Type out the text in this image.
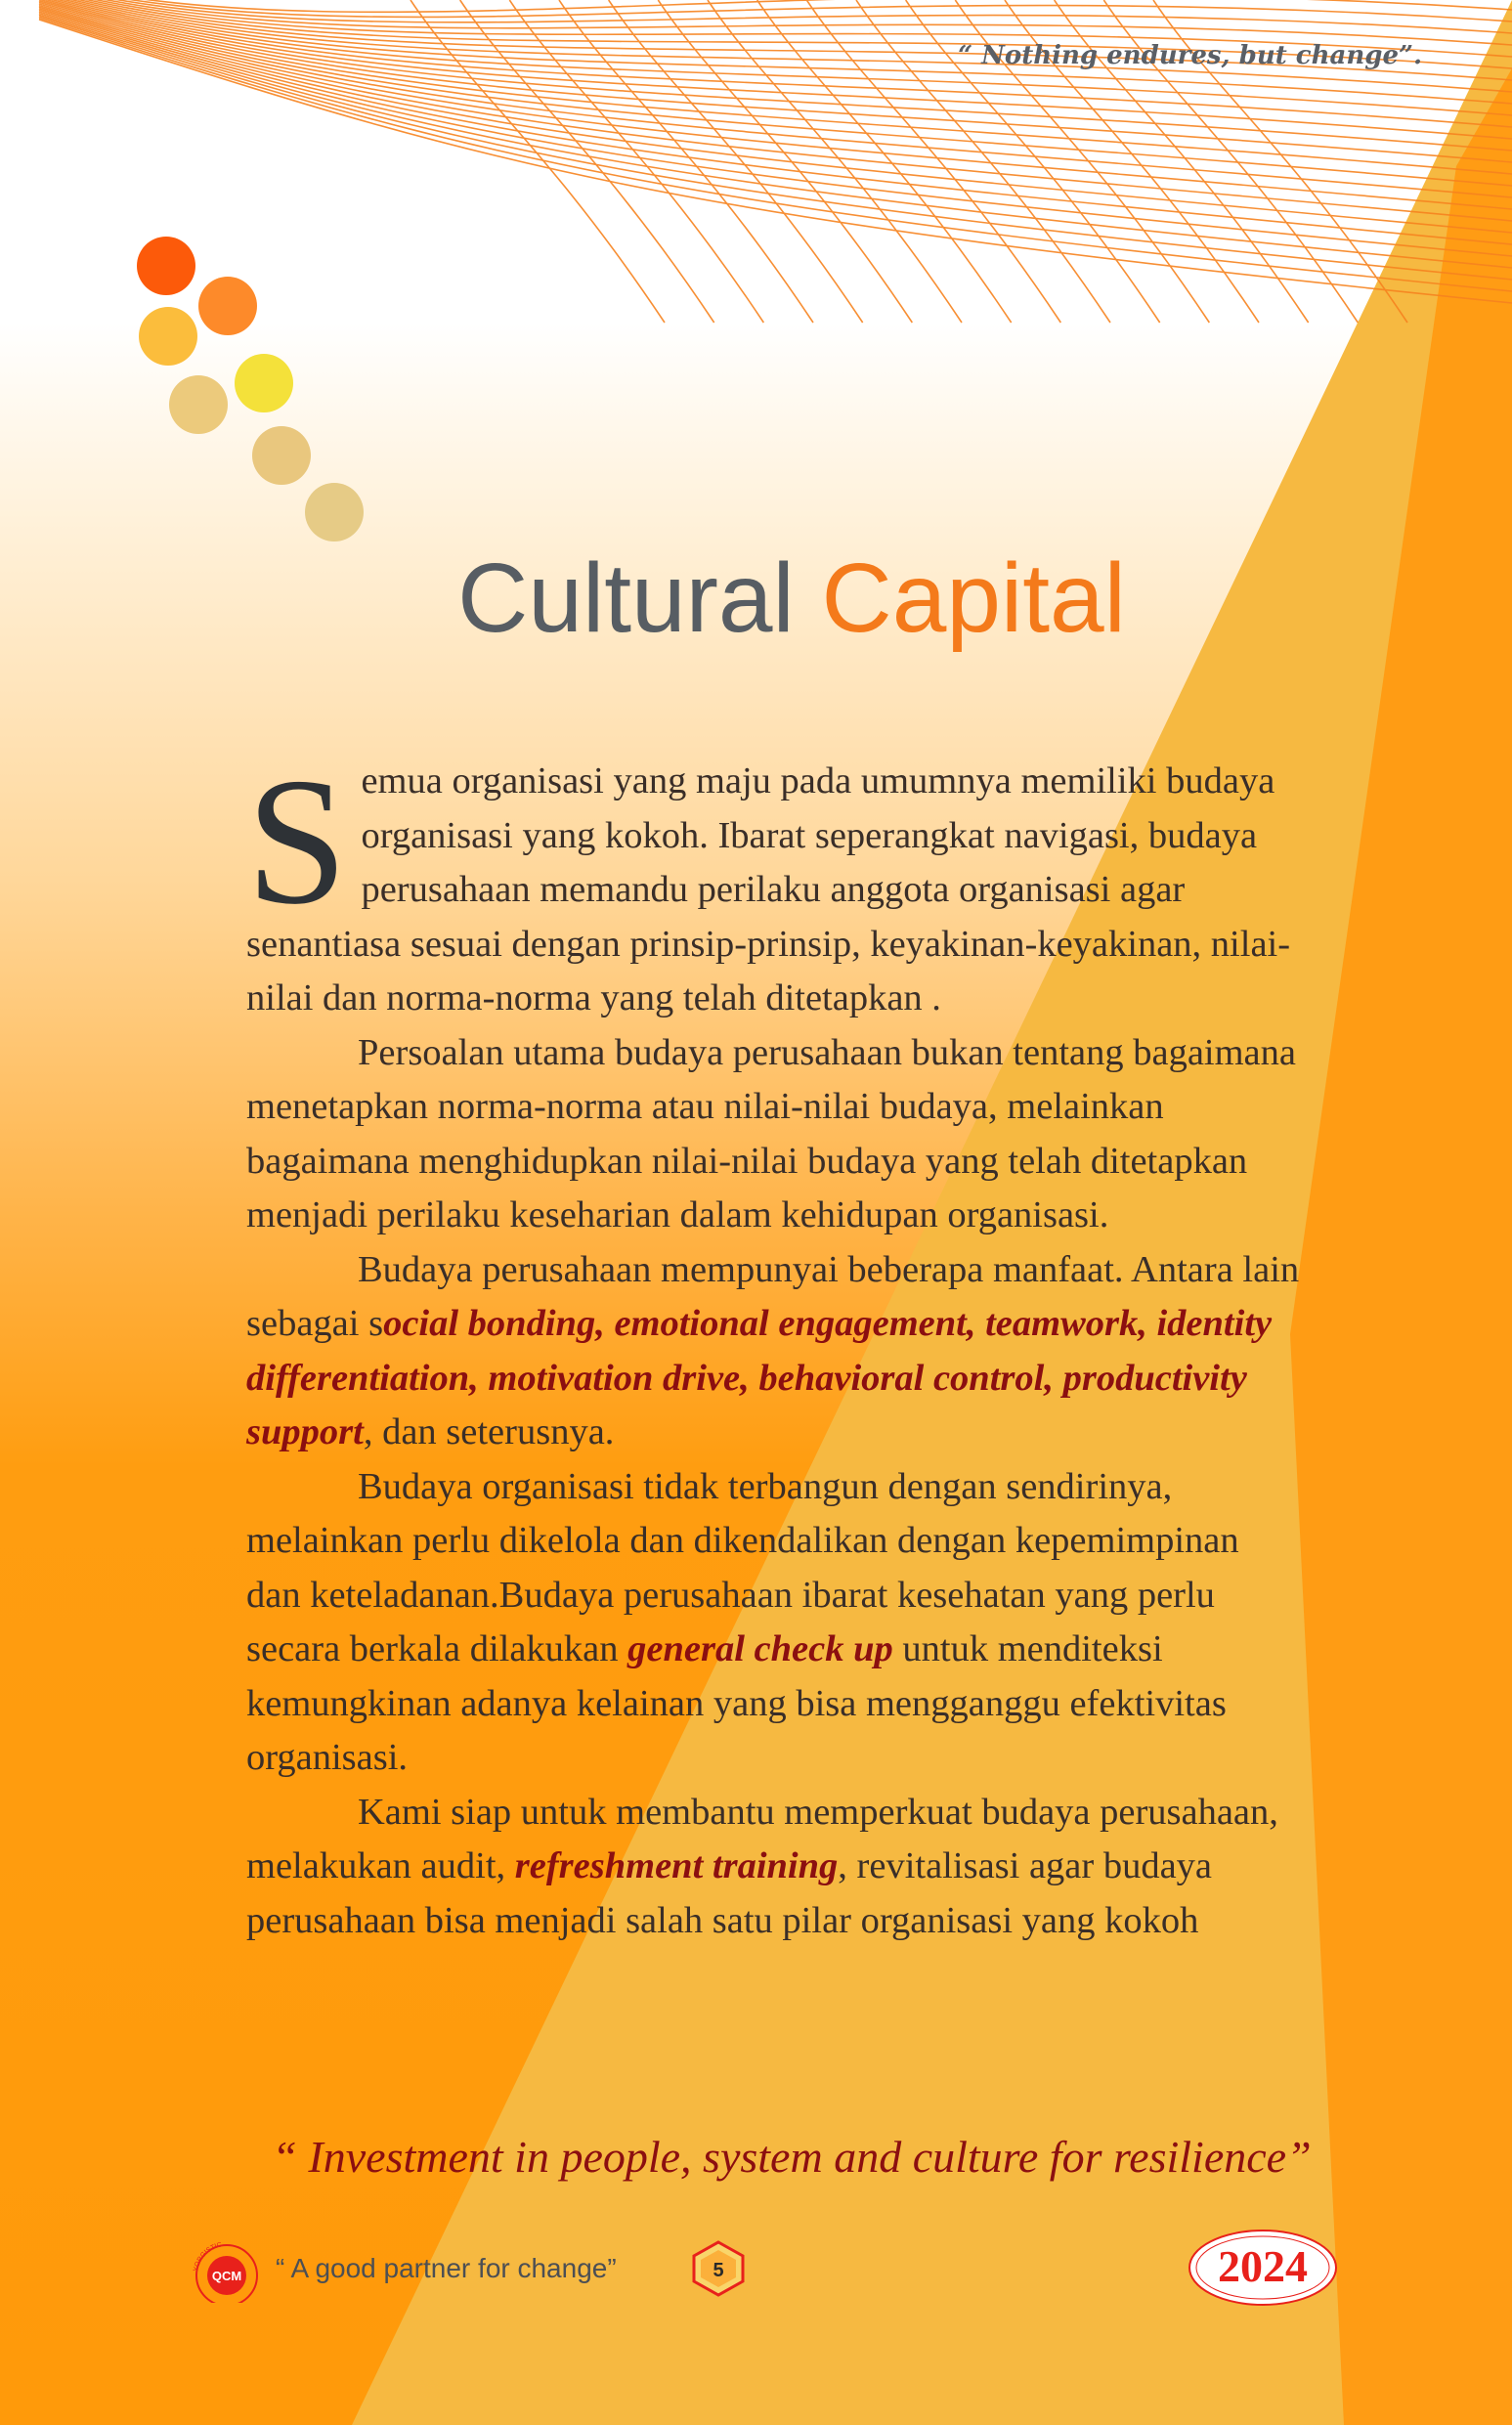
“ Nothing endures, but change”.
Cultural Capital

Semua organisasi yang maju pada umumnya memiliki budaya organisasi yang kokoh. Ibarat seperangkat navigasi, budaya perusahaan memandu perilaku anggota organisasi agar senantiasa sesuai dengan prinsip-prinsip, keyakinan-keyakinan, nilai-nilai dan norma-norma yang telah ditetapkan .

Persoalan utama budaya perusahaan bukan tentang bagaimana menetapkan norma-norma atau nilai-nilai budaya, melainkan bagaimana menghidupkan nilai-nilai budaya yang telah ditetapkan menjadi perilaku keseharian dalam kehidupan organisasi.

Budaya perusahaan mempunyai beberapa manfaat. Antara lain sebagai social bonding, emotional engagement, teamwork, identity differentiation, motivation drive, behavioral control, productivity support, dan seterusnya.

Budaya organisasi tidak terbangun dengan sendirinya, melainkan perlu dikelola dan dikendalikan dengan kepemimpinan dan keteladanan.Budaya perusahaan ibarat kesehatan yang perlu secara berkala dilakukan general check up untuk menditeksi kemungkinan adanya kelainan yang bisa mengganggu efektivitas organisasi.

Kami siap untuk membantu memperkuat budaya perusahaan, melakukan audit, refreshment training, revitalisasi agar budaya perusahaan bisa menjadi salah satu pilar organisasi yang kokoh

“ Investment in people, system and culture for resilience”
QCM
YORGISTIC
“ A good partner for change”	5	2024
